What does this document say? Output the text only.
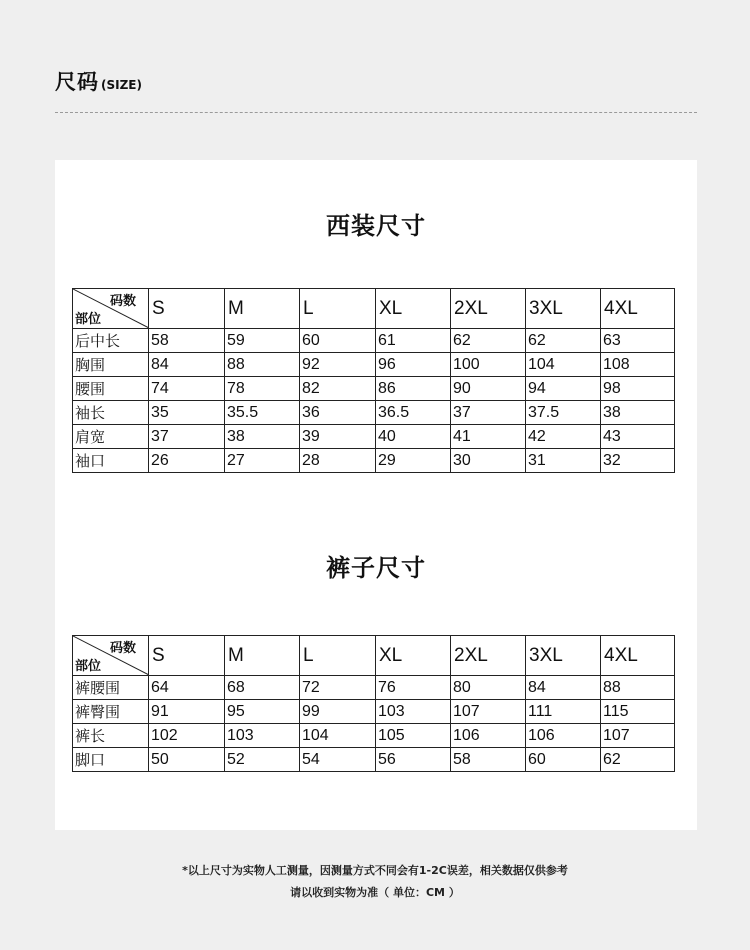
尺码 (SIZE)
西装尺寸
码数
部位	S	M	L	XL	2XL	3XL	4XL
后中长	58	59	60	61	62	62	63
胸围	84	88	92	96	100	104	108
腰围	74	78	82	86	90	94	98
袖长	35	35.5	36	36.5	37	37.5	38
肩宽	37	38	39	40	41	42	43
袖口	26	27	28	29	30	31	32
裤子尺寸
码数
部位	S	M	L	XL	2XL	3XL	4XL
裤腰围	64	68	72	76	80	84	88
裤臀围	91	95	99	103	107	111	115
裤长	102	103	104	105	106	106	107
脚口	50	52	54	56	58	60	62
*以上尺寸为实物人工测量，因测量方式不同会有1-2C误差，相关数据仅供参考
请以收到实物为准（ 单位：CM ）
